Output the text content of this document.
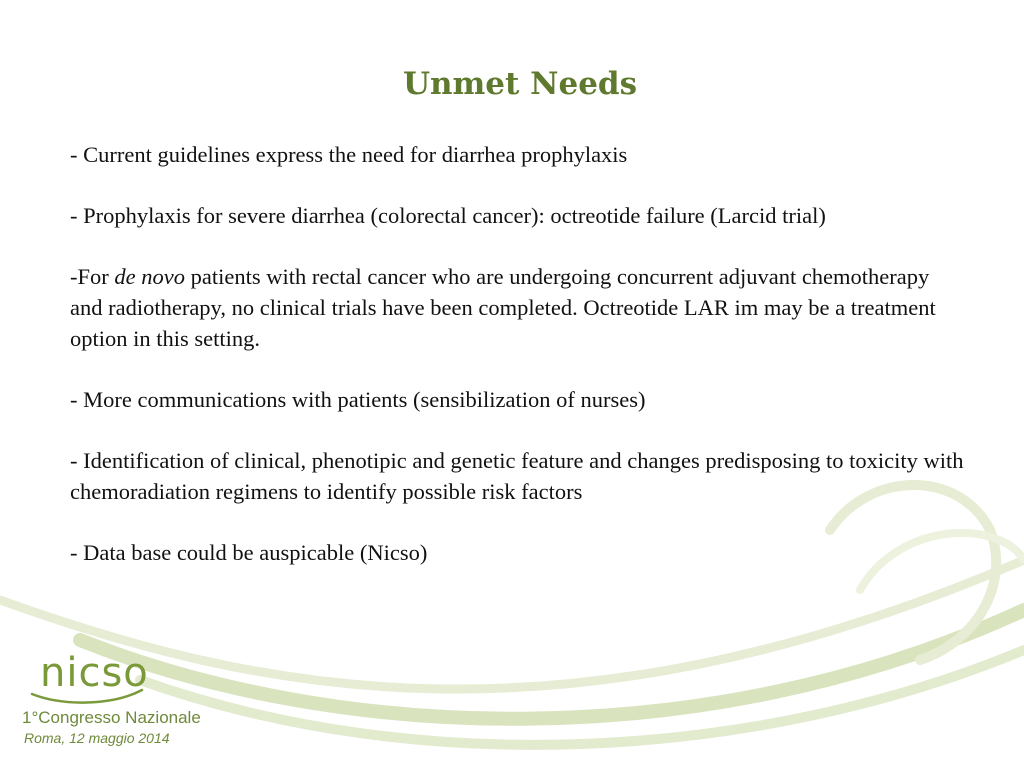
Unmet Needs

- Current guidelines express the need for diarrhea prophylaxis

- Prophylaxis for severe diarrhea (colorectal cancer): octreotide failure (Larcid trial)

-For de novo patients with rectal cancer who are undergoing concurrent adjuvant chemotherapy and radiotherapy, no clinical trials have been completed. Octreotide LAR im may be a treatment option in this setting.

- More communications with patients (sensibilization of nurses)

- Identification of clinical, phenotipic and genetic feature and changes predisposing to toxicity with chemoradiation regimens to identify possible risk factors

- Data base could be auspicable (Nicso)

nicso

1°Congresso Nazionale

Roma, 12 maggio 2014
